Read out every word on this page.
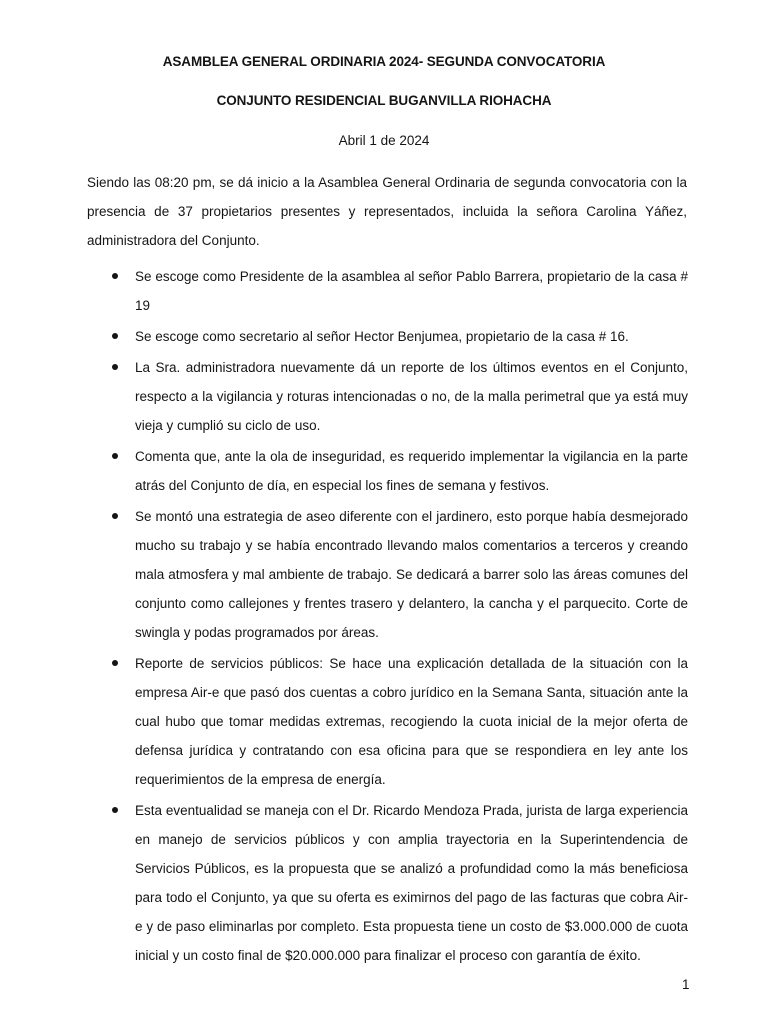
ASAMBLEA GENERAL ORDINARIA 2024- SEGUNDA CONVOCATORIA
CONJUNTO RESIDENCIAL BUGANVILLA RIOHACHA
Abril 1 de 2024

Siendo las 08:20 pm, se dá inicio a la Asamblea General Ordinaria de segunda convocatoria con la presencia de 37 propietarios presentes y representados, incluida la señora Carolina Yáñez, administradora del Conjunto.

Se escoge como Presidente de la asamblea al señor Pablo Barrera, propietario de la casa # 19
Se escoge como secretario al señor Hector Benjumea, propietario de la casa # 16.
La Sra. administradora nuevamente dá un reporte de los últimos eventos en el Conjunto, respecto a la vigilancia y roturas intencionadas o no, de la malla perimetral que ya está muy vieja y cumplió su ciclo de uso.
Comenta que, ante la ola de inseguridad, es requerido implementar la vigilancia en la parte atrás del Conjunto de día, en especial los fines de semana y festivos.
Se montó una estrategia de aseo diferente con el jardinero, esto porque había desmejorado mucho su trabajo y se había encontrado llevando malos comentarios a terceros y creando mala atmosfera y mal ambiente de trabajo. Se dedicará a barrer solo las áreas comunes del conjunto como callejones y frentes trasero y delantero, la cancha y el parquecito. Corte de swingla y podas programados por áreas.
Reporte de servicios públicos: Se hace una explicación detallada de la situación con la empresa Air-e que pasó dos cuentas a cobro jurídico en la Semana Santa, situación ante la cual hubo que tomar medidas extremas, recogiendo la cuota inicial de la mejor oferta de defensa jurídica y contratando con esa oficina para que se respondiera en ley ante los requerimientos de la empresa de energía.
Esta eventualidad se maneja con el Dr. Ricardo Mendoza Prada, jurista de larga experiencia en manejo de servicios públicos y con amplia trayectoria en la Superintendencia de Servicios Públicos, es la propuesta que se analizó a profundidad como la más beneficiosa para todo el Conjunto, ya que su oferta es eximirnos del pago de las facturas que cobra Air-e y de paso eliminarlas por completo. Esta propuesta tiene un costo de $3.000.000 de cuota inicial y un costo final de $20.000.000 para finalizar el proceso con garantía de éxito.
1
